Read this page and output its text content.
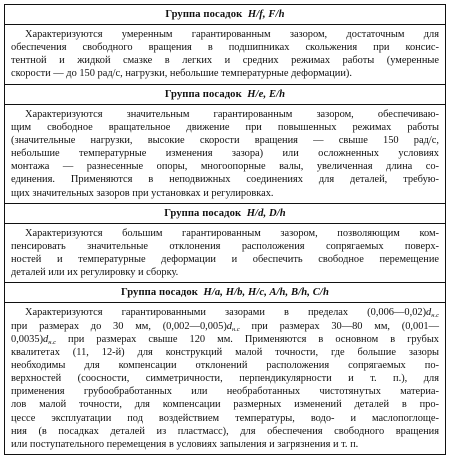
Группа посадок H/f, F/h
Характеризуются умеренным гарантированным зазором, достаточным для
обеспечения свободного вращения в подшипниках скольжения при консис-
тентной и жидкой смазке в легких и средних режимах работы (умеренные
скорости — до 150 рад/с, нагрузки, небольшие температурные деформации).
Группа посадок H/e, E/h
Характеризуются значительным гарантированным зазором, обеспечиваю-
щим свободное вращательное движение при повышенных режимах работы
(значительные нагрузки, высокие скорости вращения — свыше 150 рад/с,
небольшие температурные изменения зазора) или осложненных условиях
монтажа — разнесенные опоры, многоопорные валы, увеличенная длина со-
единения. Применяются в неподвижных соединениях для деталей, требую-
щих значительных зазоров при установках и регулировках.
Группа посадок H/d, D/h
Характеризуются большим гарантированным зазором, позволяющим ком-
пенсировать значительные отклонения расположения сопрягаемых поверх-
ностей и температурные деформации и обеспечить свободное перемещение
деталей или их регулировку и сборку.
Группа посадок H/a, H/b, H/c, A/h, B/h, C/h
Характеризуются гарантированными зазорами в пределах $(0,006—0,02)d_{н.с}$
при размерах до 30 мм, $(0,002—0,005)d_{н.с}$ при размерах 30—80 мм, (0,001—
$0,0035)d_{н.с}$ при размерах свыше 120 мм. Применяются в основном в грубых
квалитетах (11, 12-й) для конструкций малой точности, где большие зазоры
необходимы для компенсации отклонений расположения сопрягаемых по-
верхностей (соосности, симметричности, перпендикулярности и т. п.), для
применения грубообработанных или необработанных чистотянутых материа-
лов малой точности, для компенсации размерных изменений деталей в про-
цессе эксплуатации под воздействием температуры, водо- и маслопоглоще-
ния (в посадках деталей из пластмасс), для обеспечения свободного вращения
или поступательного перемещения в условиях запыления и загрязнения и т. п.
